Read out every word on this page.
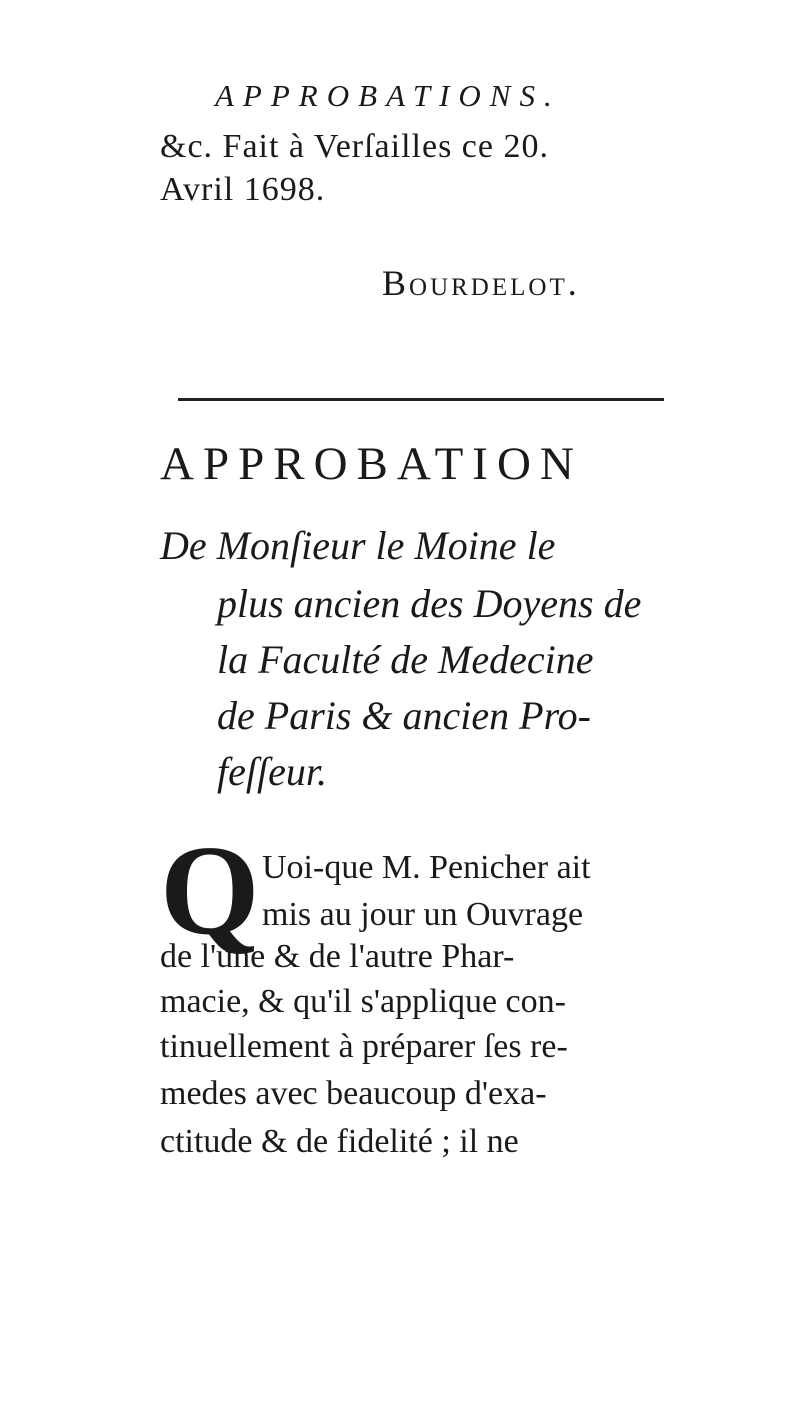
APPROBATIONS.
&c. Fait à Verſailles ce 20.
Avril 1698.
Bourdelot.
APPROBATION
De Monſieur le Moine le
plus ancien des Doyens de
la Faculté de Medecine
de Paris & ancien Pro-
feſſeur.
Q Uoi-que M. Penicher ait
mis au jour un Ouvrage
de l'une & de l'autre Phar-
macie, & qu'il s'applique con-
tinuellement à préparer ſes re-
medes avec beaucoup d'exa-
ctitude & de fidelité ; il ne
